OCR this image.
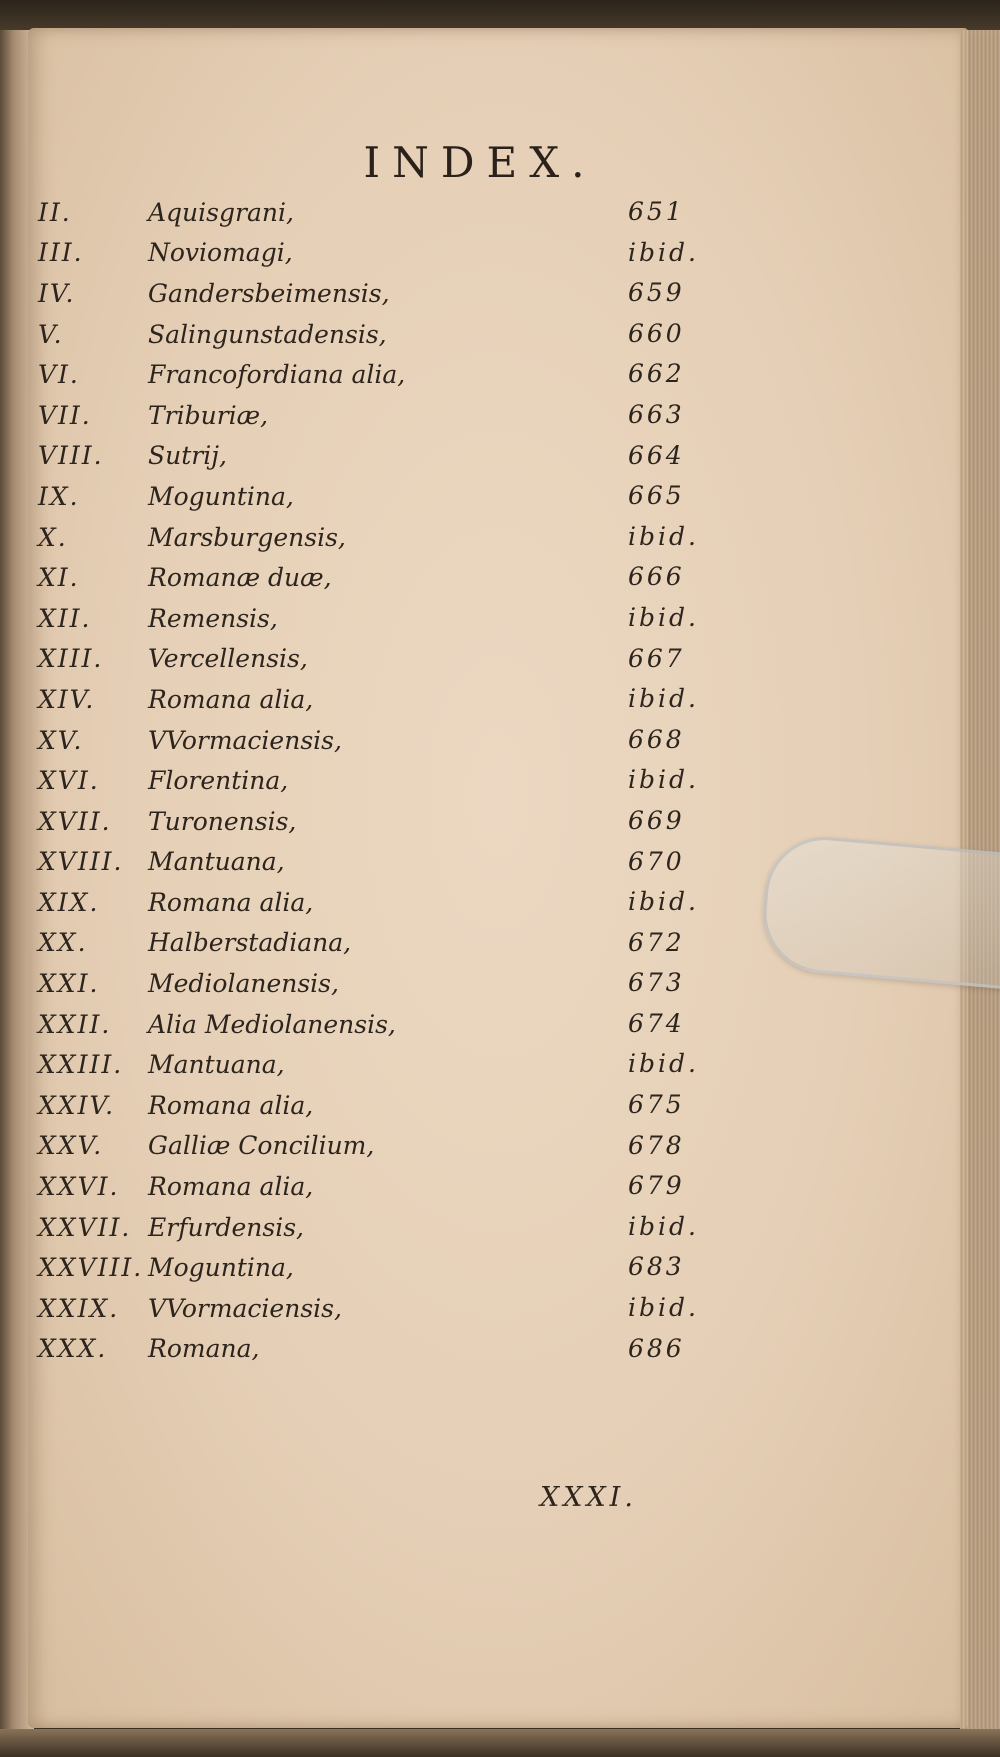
INDEX.
II.	Aquisgrani,	651
III.	Noviomagi,	ibid.
IV.	Gandersbeimensis,	659
V.	Salingunstadensis,	660
VI.	Francofordiana alia,	662
VII.	Triburiæ,	663
VIII.	Sutrij,	664
IX.	Moguntina,	665
X.	Marsburgensis,	ibid.
XI.	Romanæ duæ,	666
XII.	Remensis,	ibid.
XIII.	Vercellensis,	667
XIV.	Romana alia,	ibid.
XV.	VVormaciensis,	668
XVI.	Florentina,	ibid.
XVII.	Turonensis,	669
XVIII. Mantuana,	670
XIX.	Romana alia,	ibid.
XX.	Halberstadiana,	672
XXI.	Mediolanensis,	673
XXII.	Alia Mediolanensis,	674
XXIII. Mantuana,	ibid.
XXIV.	Romana alia,	675
XXV.	Galliæ Concilium,	678
XXVI.	Romana alia,	679
XXVII. Erfurdensis,	ibid.
XXVIII. Moguntina,	683
XXIX.	VVormaciensis,	ibid.
XXX.	Romana,	686
XXXI.
